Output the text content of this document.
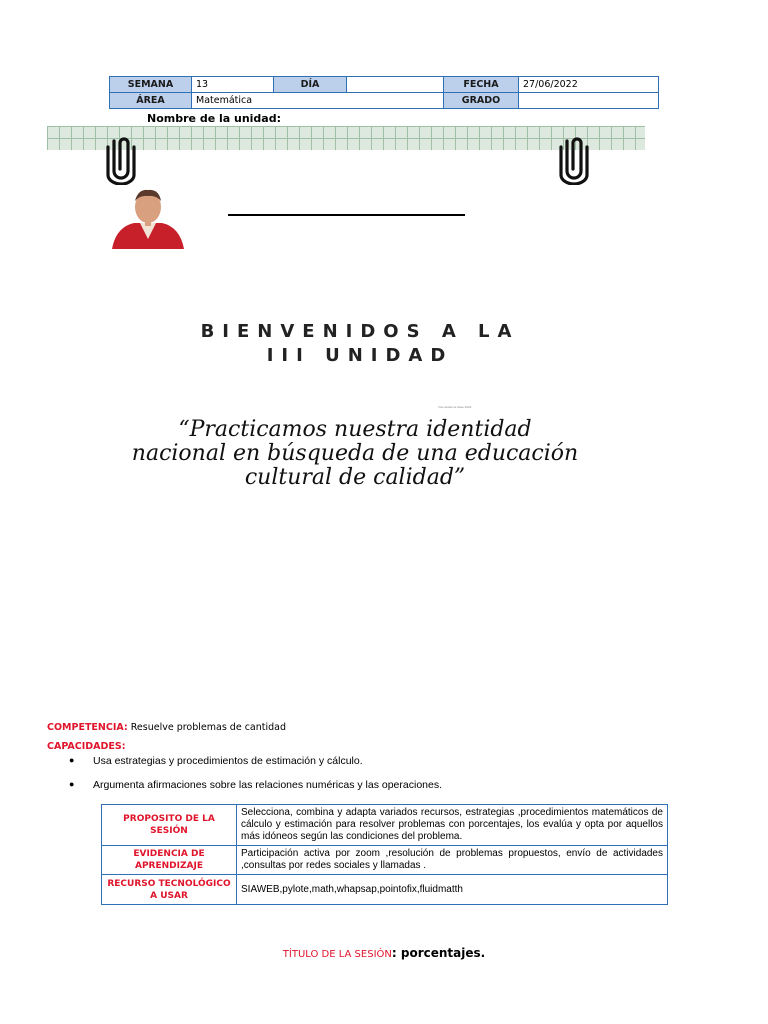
SEMANA	13	DÍA		FECHA	27/06/2022
ÁREA	Matemática			GRADO	
Nombre de la unidad:
BIENVENIDOS A LA
III UNIDAD
Vive desde la clase 2022
“Practicamos nuestra identidad
nacional en búsqueda de una educación
cultural de calidad”
COMPETENCIA: Resuelve problemas de cantidad
CAPACIDADES:
● Usa estrategias y procedimientos de estimación y cálculo.
● Argumenta afirmaciones sobre las relaciones numéricas y las operaciones.
PROPOSITO DE LA SESIÓN	Selecciona, combina y adapta variados recursos, estrategias ,procedimientos matemáticos de cálculo y estimación para resolver problemas con porcentajes, los evalúa y opta por aquellos más idóneos según las condiciones del problema.
EVIDENCIA DE APRENDIZAJE	Participación activa por zoom ,resolución de problemas propuestos, envío de actividades ,consultas por redes sociales y llamadas .
RECURSO TECNOLÓGICO A USAR	SIAWEB,pylote,math,whapsap,pointofix,fluidmatth
TÍTULO DE LA SESIÓN: porcentajes.
